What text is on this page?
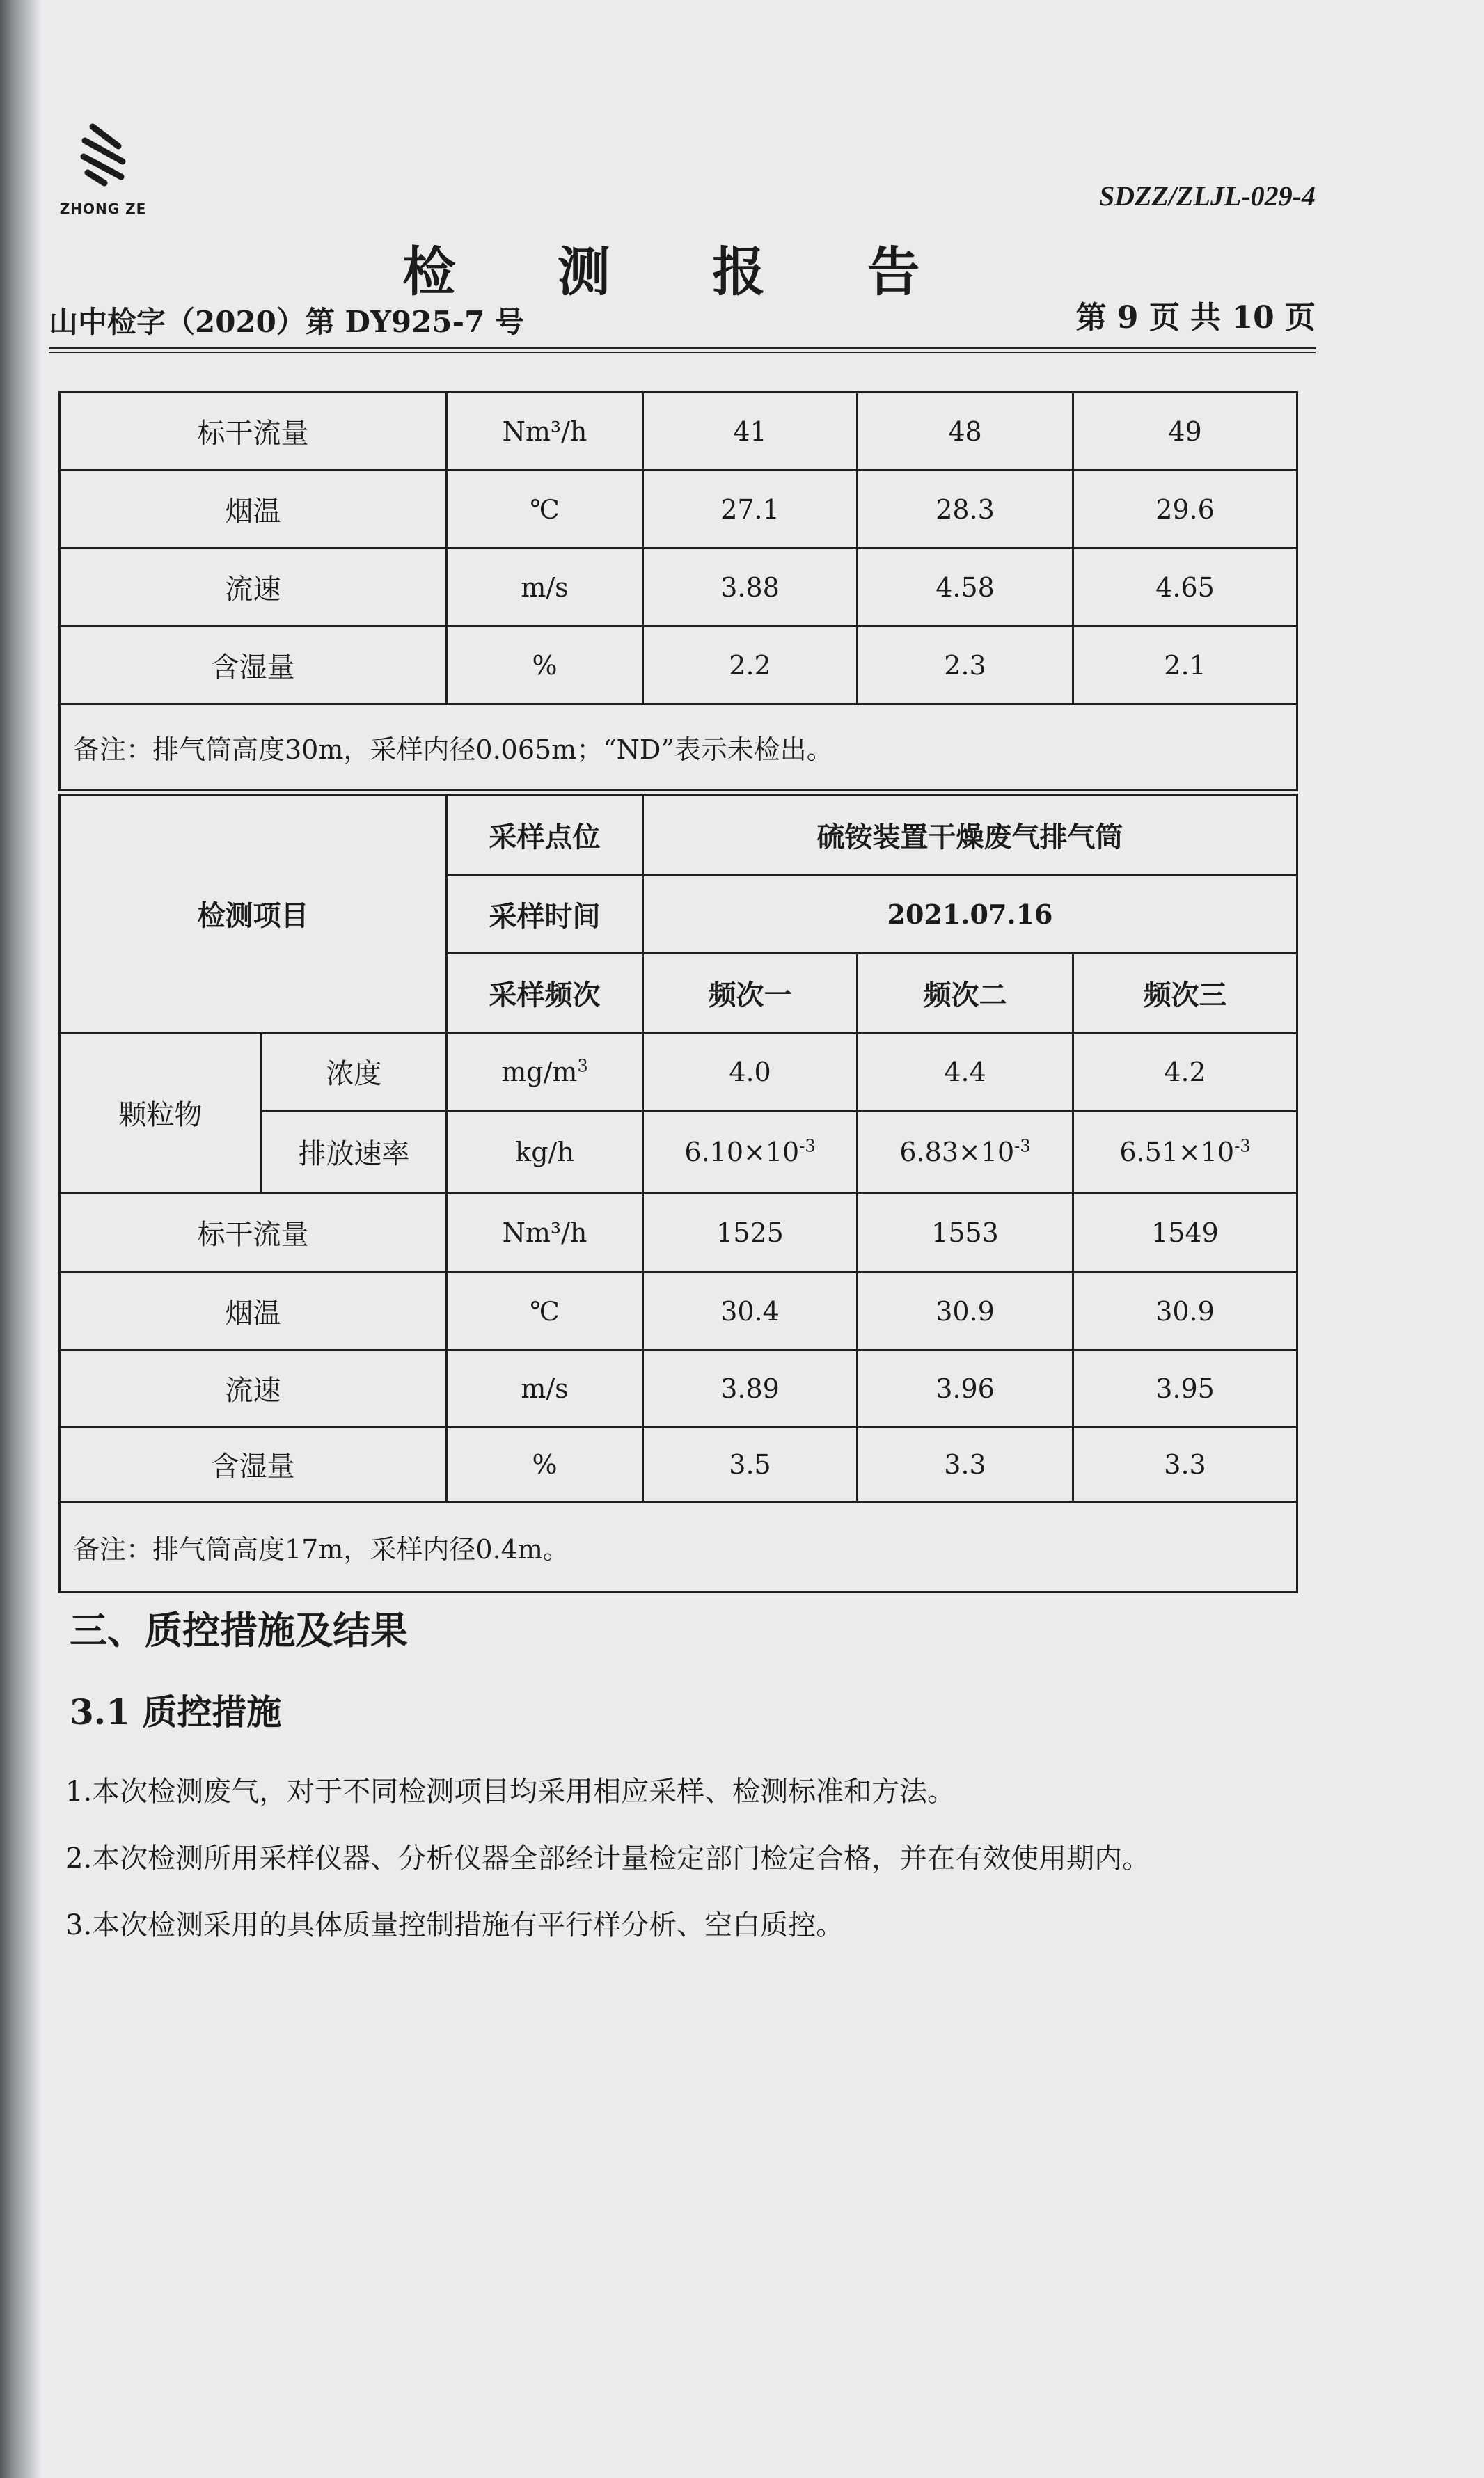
ZHONG ZE	SDZZ/ZLJL-029-4
检 测 报 告
山中检字（2020）第 DY925-7 号	第 9 页 共 10 页
标干流量	Nm³/h	41	48	49
烟温	℃	27.1	28.3	29.6
流速	m/s	3.88	4.58	4.65
含湿量	%	2.2	2.3	2.1
备注：排气筒高度30m，采样内径0.065m；“ND”表示未检出。				
检测项目		采样点位	硫铵装置干燥废气排气筒		
		采样时间	2021.07.16		
		采样频次	频次一	频次二	频次三
颗粒物	浓度	$mg/m^3$	4.0	4.4	4.2
	排放速率	kg/h	$6.10\times 10^{-3}$	$6.83\times 10^{-3}$	$6.51\times 10^{-3}$
标干流量		Nm³/h	1525	1553	1549
烟温		℃	30.4	30.9	30.9
流速		m/s	3.89	3.96	3.95
含湿量		%	3.5	3.3	3.3
备注：排气筒高度17m，采样内径0.4m。					
三、质控措施及结果
3.1 质控措施
1.本次检测废气，对于不同检测项目均采用相应采样、检测标准和方法。
2.本次检测所用采样仪器、分析仪器全部经计量检定部门检定合格，并在有效使用期内。
3.本次检测采用的具体质量控制措施有平行样分析、空白质控。
